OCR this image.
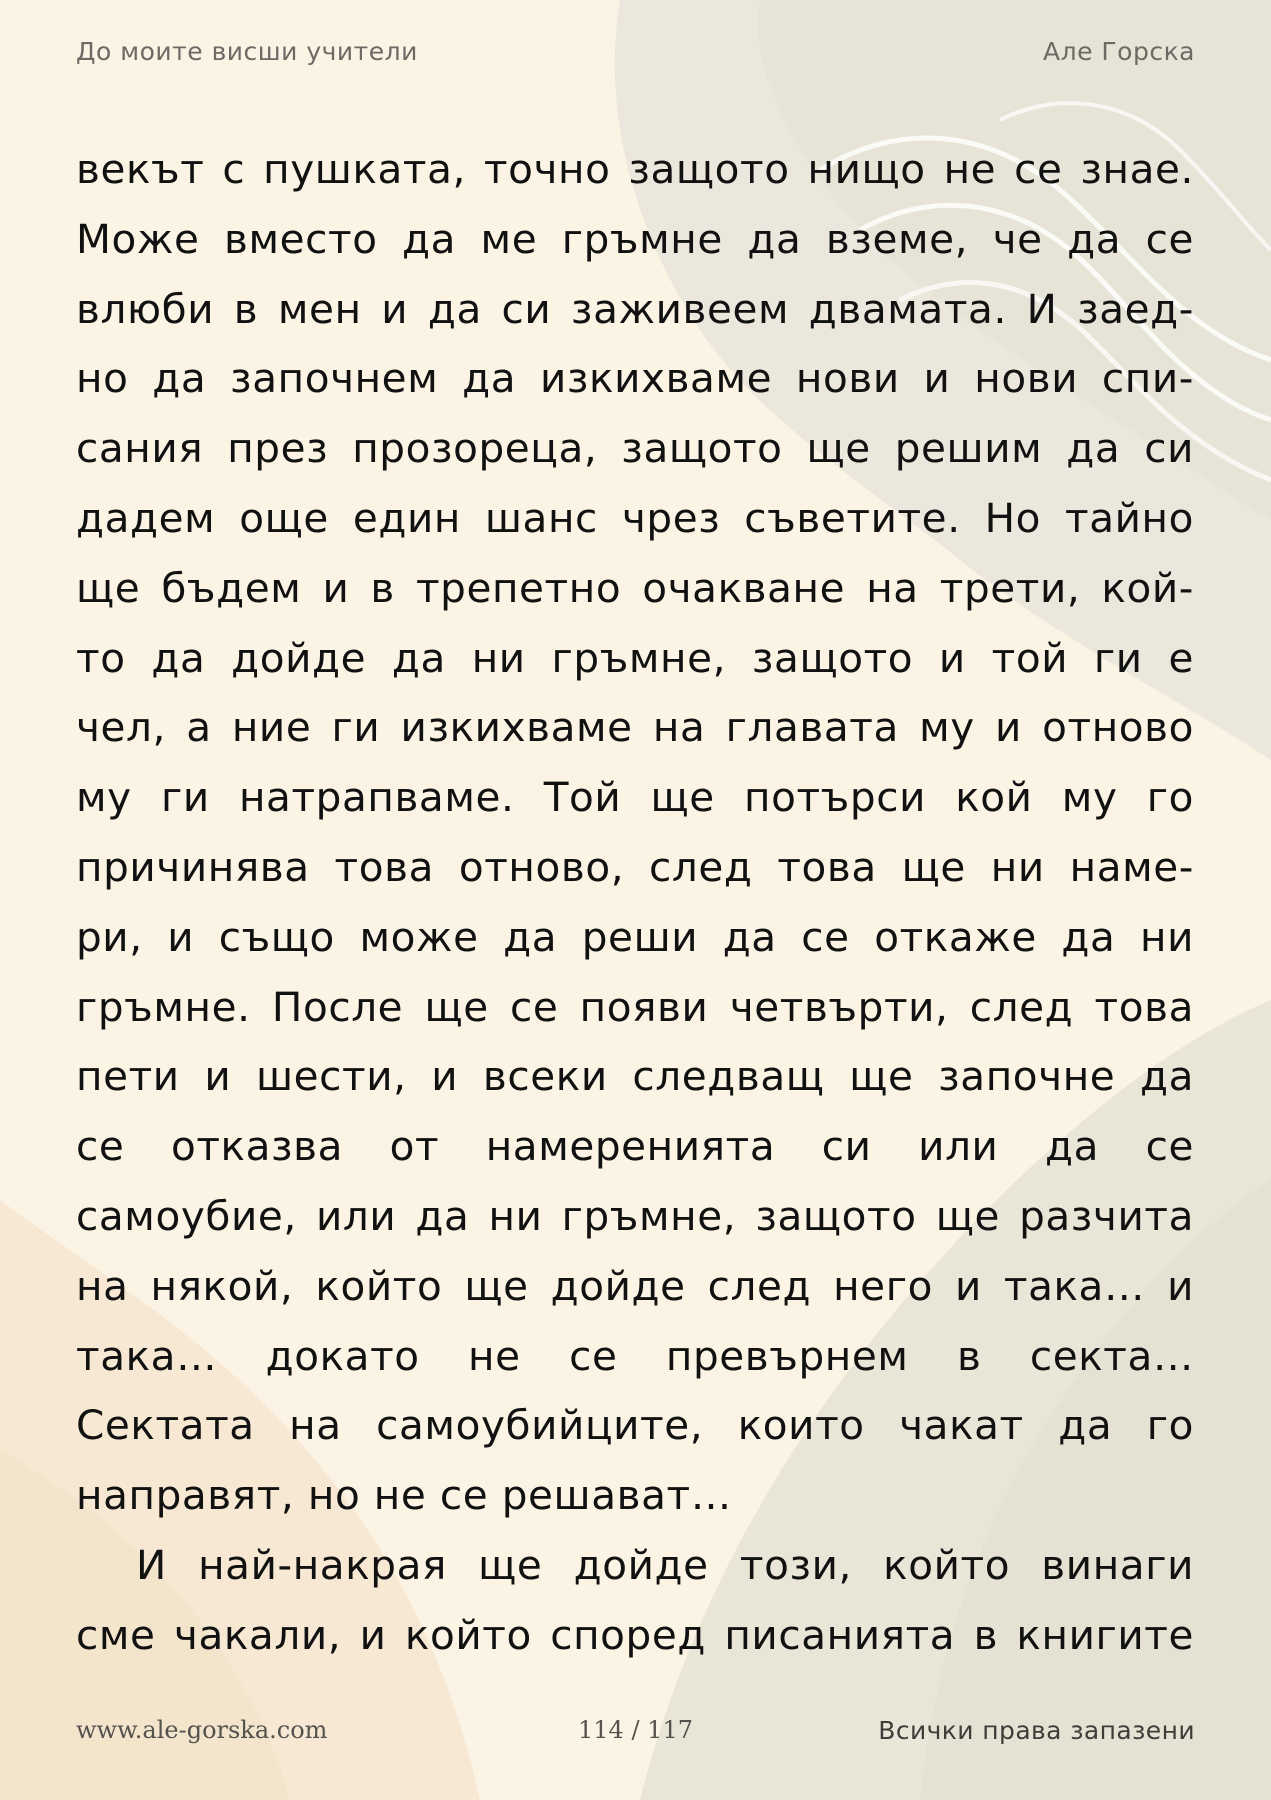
До моите висши учители	Але Горска
векът с пушката, точно защото нищо не се знае.
Може вместо да ме гръмне да вземе, че да се
влюби в мен и да си заживеем двамата. И заед-
но да започнем да изкихваме нови и нови спи-
сания през прозореца, защото ще решим да си
дадем още един шанс чрез съветите. Но тайно
ще бъдем и в трепетно очакване на трети, кой-
то да дойде да ни гръмне, защото и той ги е
чел, а ние ги изкихваме на главата му и отново
му ги натрапваме. Той ще потърси кой му го
причинява това отново, след това ще ни наме-
ри, и също може да реши да се откаже да ни
гръмне. После ще се появи четвърти, след това
пети и шести, и всеки следващ ще започне да
се отказва от намеренията си или да се
самоубие, или да ни гръмне, защото ще разчита
на някой, който ще дойде след него и така… и
така… докато не се превърнем в секта…
Сектата на самоубийците, които чакат да го
направят, но не се решават…
И най-накрая ще дойде този, който винаги
сме чакали, и който според писанията в книгите
www.ale-gorska.com	114 / 117	Всички права запазени
